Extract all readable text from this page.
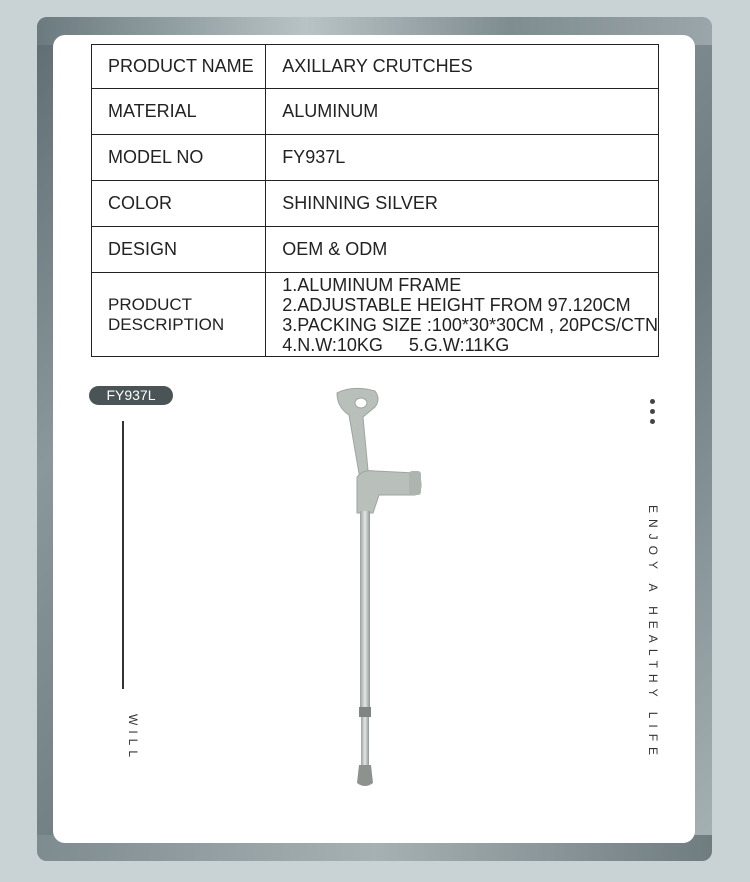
PRODUCT NAME	AXILLARY CRUTCHES
MATERIAL	ALUMINUM
MODEL NO	FY937L
COLOR	SHINNING SILVER
DESIGN	OEM & ODM
PRODUCT DESCRIPTION	1.ALUMINUM FRAME
2.ADJUSTABLE HEIGHT FROM 97.120CM
3.PACKING SIZE :100*30*30CM , 20PCS/CTN
4.N.W:10KG 5.G.W:11KG
FY937L
WILL	ENJOY A HEALTHY LIFE
